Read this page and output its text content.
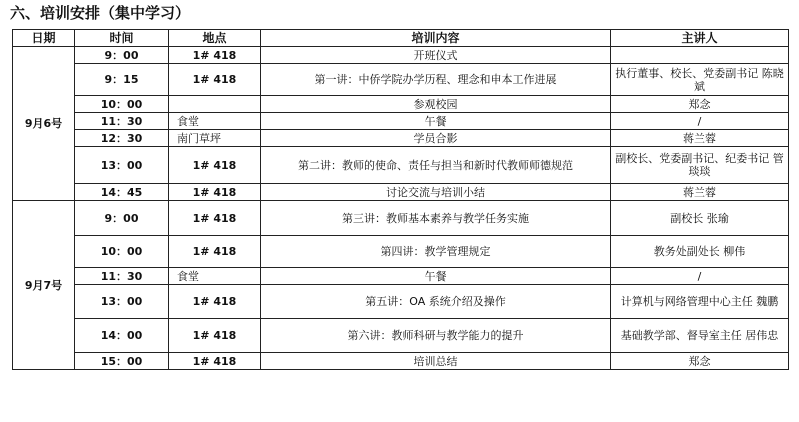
六、培训安排（集中学习）
日期	时间	地点	培训内容	主讲人
9月6号	9：00	1# 418	开班仪式	
	9：15	1# 418	第一讲：中侨学院办学历程、理念和申本工作进展	执行董事、校长、党委副书记 陈晓斌
	10：00		参观校园	郑念
	11：30	食堂	午餐	/
	12：30	南门草坪	学员合影	蒋兰蓉
	13：00	1# 418	第二讲：教师的使命、责任与担当和新时代教师师德规范	副校长、党委副书记、纪委书记 管琰琰
	14：45	1# 418	讨论交流与培训小结	蒋兰蓉
9月7号	9：00	1# 418	第三讲：教师基本素养与教学任务实施	副校长 张瑜
	10：00	1# 418	第四讲：教学管理规定	教务处副处长 柳伟
	11：30	食堂	午餐	/
	13：00	1# 418	第五讲：OA 系统介绍及操作	计算机与网络管理中心主任 魏鹏
	14：00	1# 418	第六讲：教师科研与教学能力的提升	基础教学部、督导室主任 居伟忠
	15：00	1# 418	培训总结	郑念
